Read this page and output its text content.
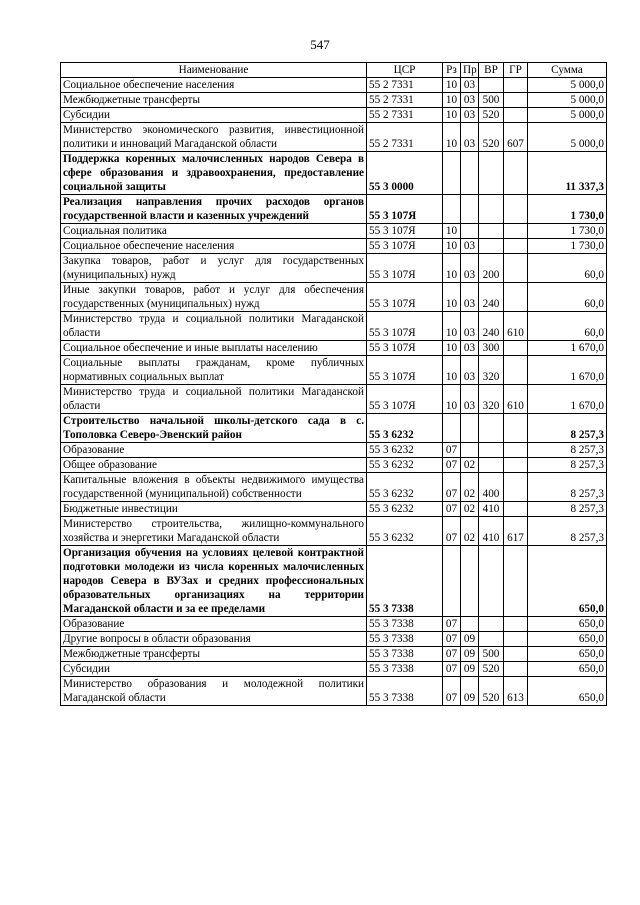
547
Наименование	ЦСР	Рз	Пр	ВР	ГР	Сумма
Социальное обеспечение населения	55 2 7331	10	03			5 000,0
Межбюджетные трансферты	55 2 7331	10	03	500		5 000,0
Субсидии	55 2 7331	10	03	520		5 000,0
Министерство экономического развития, инвестиционной политики и инноваций Магаданской области	55 2 7331	10	03	520	607	5 000,0
Поддержка коренных малочисленных народов Севера в сфере образования и здравоохранения, предоставление социальной защиты	55 3 0000					11 337,3
Реализация направления прочих расходов органов государственной власти и казенных учреждений	55 3 107Я					1 730,0
Социальная политика	55 3 107Я	10				1 730,0
Социальное обеспечение населения	55 3 107Я	10	03			1 730,0
Закупка товаров, работ и услуг для государственных (муниципальных) нужд	55 3 107Я	10	03	200		60,0
Иные закупки товаров, работ и услуг для обеспечения государственных (муниципальных) нужд	55 3 107Я	10	03	240		60,0
Министерство труда и социальной политики Магаданской области	55 3 107Я	10	03	240	610	60,0
Социальное обеспечение и иные выплаты населению	55 3 107Я	10	03	300		1 670,0
Социальные выплаты гражданам, кроме публичных нормативных социальных выплат	55 3 107Я	10	03	320		1 670,0
Министерство труда и социальной политики Магаданской области	55 3 107Я	10	03	320	610	1 670,0
Строительство начальной школы-детского сада в с. Тополовка Северо-Эвенский район	55 3 6232					8 257,3
Образование	55 3 6232	07				8 257,3
Общее образование	55 3 6232	07	02			8 257,3
Капитальные вложения в объекты недвижимого имущества государственной (муниципальной) собственности	55 3 6232	07	02	400		8 257,3
Бюджетные инвестиции	55 3 6232	07	02	410		8 257,3
Министерство строительства, жилищно-коммунального хозяйства и энергетики Магаданской области	55 3 6232	07	02	410	617	8 257,3
Организация обучения на условиях целевой контрактной подготовки молодежи из числа коренных малочисленных народов Севера в ВУЗах и средних профессиональных образовательных организациях на территории Магаданской области и за ее пределами	55 3 7338					650,0
Образование	55 3 7338	07				650,0
Другие вопросы в области образования	55 3 7338	07	09			650,0
Межбюджетные трансферты	55 3 7338	07	09	500		650,0
Субсидии	55 3 7338	07	09	520		650,0
Министерство образования и молодежной политики Магаданской области	55 3 7338	07	09	520	613	650,0
